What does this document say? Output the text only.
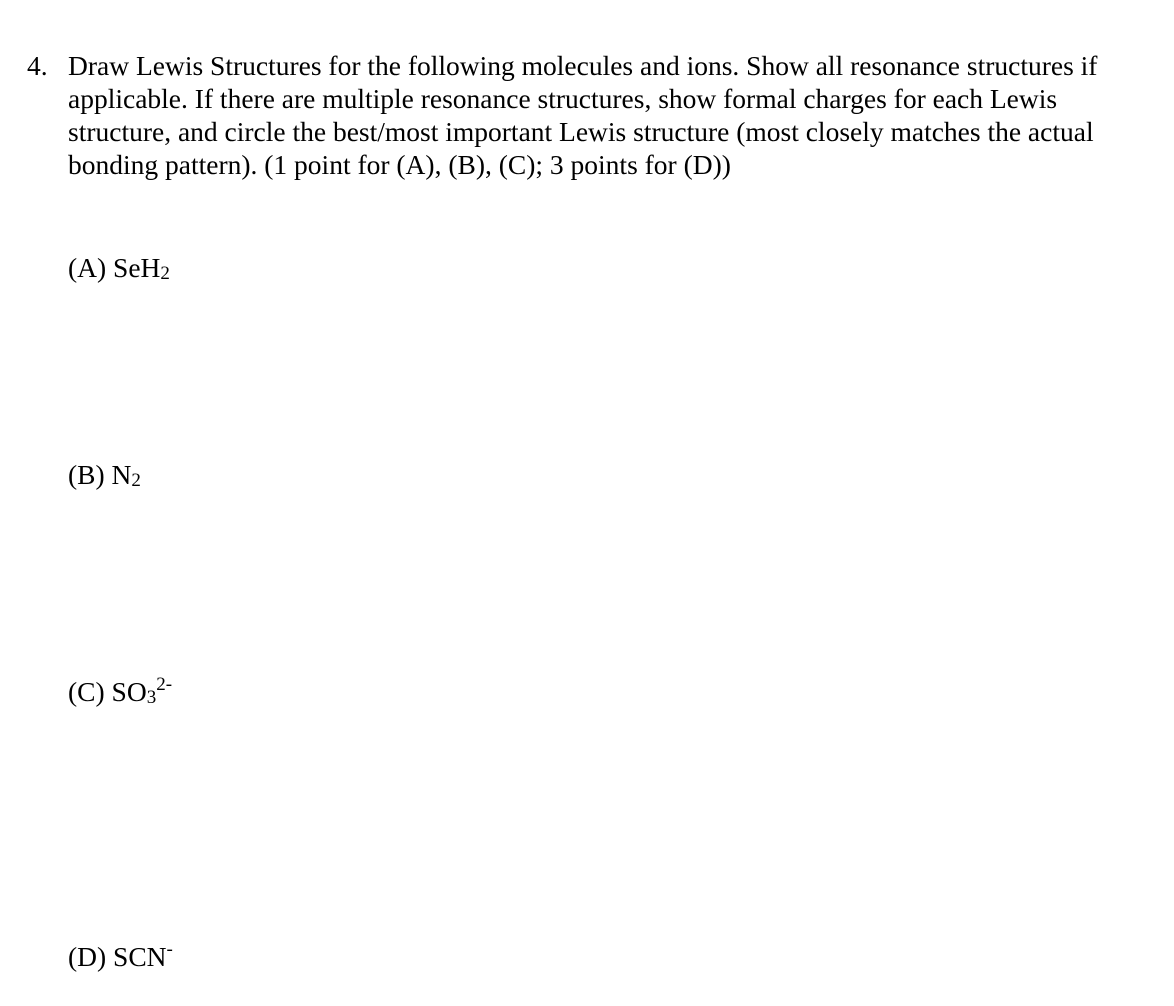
4. Draw Lewis Structures for the following molecules and ions. Show all resonance structures if
applicable. If there are multiple resonance structures, show formal charges for each Lewis
structure, and circle the best/most important Lewis structure (most closely matches the actual
bonding pattern). (1 point for (A), (B), (C); 3 points for (D))
(A) SeH$_2$
(B) $N_2$
(C) $SO_3^{2-}$
(D) SCN-
